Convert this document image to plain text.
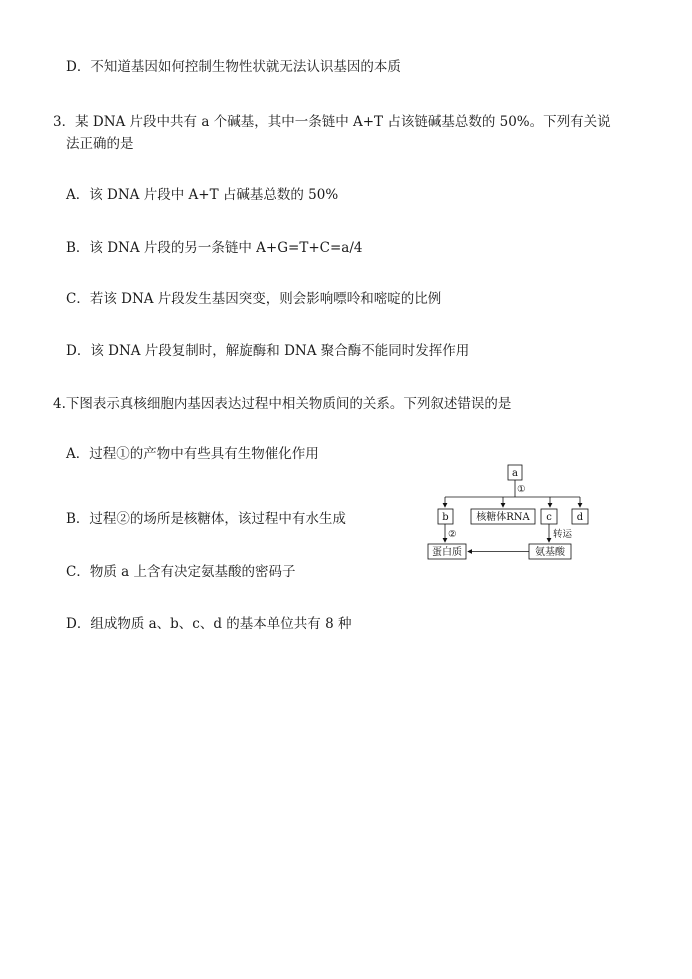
D．不知道基因如何控制生物性状就无法认识基因的本质
3．某 DNA 片段中共有 a 个碱基，其中一条链中 A+T 占该链碱基总数的 50%。下列有关说
法正确的是
A．该 DNA 片段中 A+T 占碱基总数的 50%
B．该 DNA 片段的另一条链中 A+G=T+C=a/4
C．若该 DNA 片段发生基因突变，则会影响嘌呤和嘧啶的比例
D．该 DNA 片段复制时，解旋酶和 DNA 聚合酶不能同时发挥作用
4.下图表示真核细胞内基因表达过程中相关物质间的关系。下列叙述错误的是
A．过程①的产物中有些具有生物催化作用
B．过程②的场所是核糖体，该过程中有水生成
C．物质 a 上含有决定氨基酸的密码子
D．组成物质 a、b、c、d 的基本单位共有 8 种
a
①
b	核糖体RNA c d
②	转运
蛋白质	氨基酸
